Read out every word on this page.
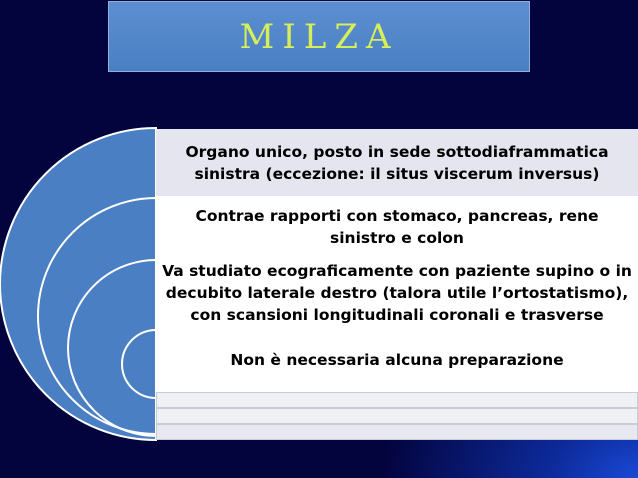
MILZA
Organo unico, posto in sede sottodiaframmatica sinistra (eccezione: il situs viscerum inversus)
Contrae rapporti con stomaco, pancreas, rene sinistro e colon
Va studiato ecograficamente con paziente supino o in decubito laterale destro (talora utile l’ortostatismo), con scansioni longitudinali coronali e trasverse
Non è necessaria alcuna preparazione
